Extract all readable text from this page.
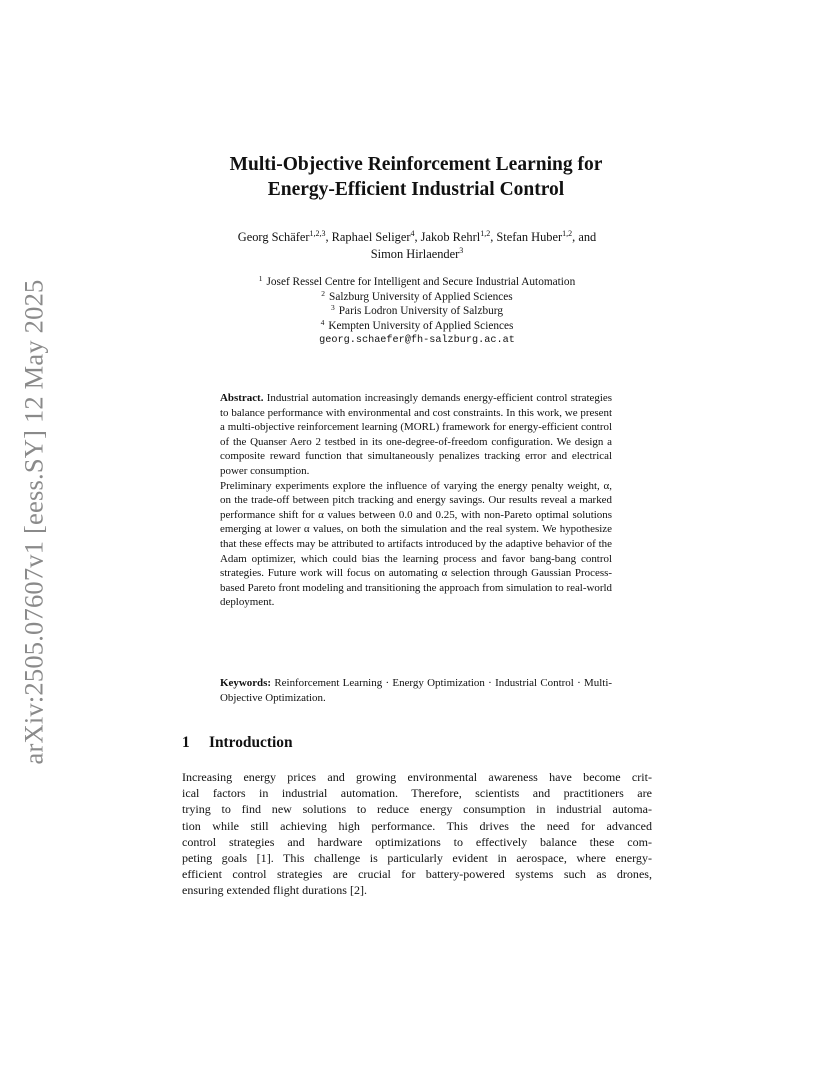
arXiv:2505.07607v1 [eess.SY] 12 May 2025
Multi-Objective Reinforcement Learning for
Energy-Efficient Industrial Control
Georg Schäfer$^{1,2,3}$, Raphael Seliger$^4$, Jakob Rehrl$^{1,2}$, Stefan Huber$^{1,2}$, and
Simon Hirlaender$^3$
$^1$ Josef Ressel Centre for Intelligent and Secure Industrial Automation
$^2$ Salzburg University of Applied Sciences
$^3$ Paris Lodron University of Salzburg
$^4$ Kempten University of Applied Sciences
georg.schaefer@fh-salzburg.ac.at

Abstract. Industrial automation increasingly demands energy-efficient control strategies to balance performance with environmental and cost constraints. In this work, we present a multi-objective reinforcement learning (MORL) framework for energy-efficient control of the Quanser Aero 2 testbed in its one-degree-of-freedom configuration. We design a composite reward function that simultaneously penalizes tracking error and electrical power consumption.

Preliminary experiments explore the influence of varying the energy penalty weight, α, on the trade-off between pitch tracking and energy savings. Our results reveal a marked performance shift for α values between 0.0 and 0.25, with non-Pareto optimal solutions emerging at lower α values, on both the simulation and the real system. We hypothesize that these effects may be attributed to artifacts introduced by the adaptive behavior of the Adam optimizer, which could bias the learning process and favor bang-bang control strategies. Future work will focus on automating α selection through Gaussian Process-based Pareto front modeling and transitioning the approach from simulation to real-world deployment.

Keywords: Reinforcement Learning · Energy Optimization · Industrial Control · Multi-Objective Optimization.
1 Introduction
Increasing energy prices and growing environmental awareness have become crit-
ical factors in industrial automation. Therefore, scientists and practitioners are
trying to find new solutions to reduce energy consumption in industrial automa-
tion while still achieving high performance. This drives the need for advanced
control strategies and hardware optimizations to effectively balance these com-
peting goals [1]. This challenge is particularly evident in aerospace, where energy-
efficient control strategies are crucial for battery-powered systems such as drones,
ensuring extended flight durations [2].
